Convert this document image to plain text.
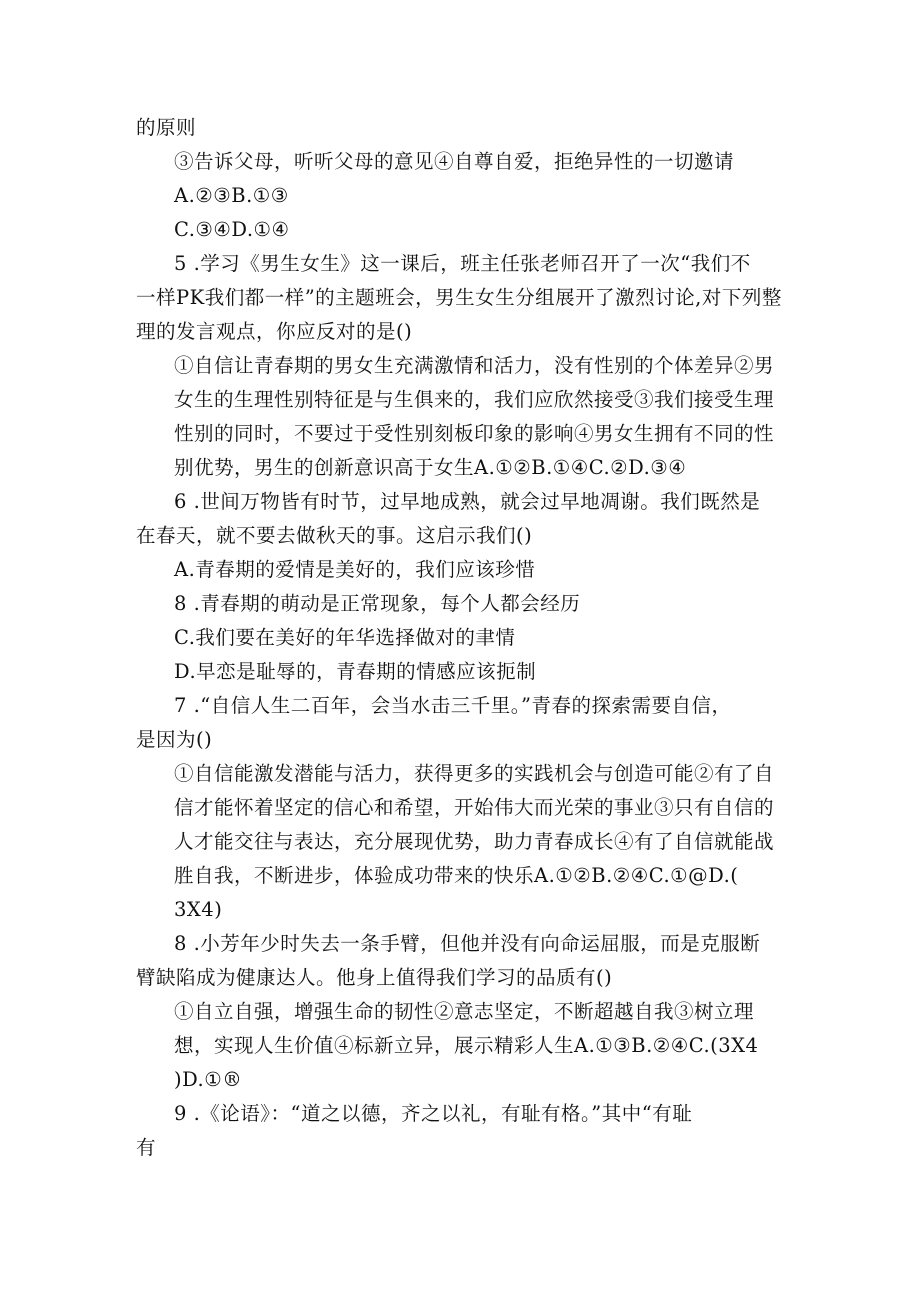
的原则
③告诉父母，听听父母的意见④自尊自爱，拒绝异性的一切邀请
A.②③B.①③
C.③④D.①④
5 .学习《男生女生》这一课后，班主任张老师召开了一次“我们不
一样PK我们都一样”的主题班会，男生女生分组展开了激烈讨论,对下列整
理的发言观点，你应反对的是()
①自信让青春期的男女生充满激情和活力，没有性别的个体差异②男
女生的生理性别特征是与生俱来的，我们应欣然接受③我们接受生理
性别的同时，不要过于受性别刻板印象的影响④男女生拥有不同的性
别优势，男生的创新意识高于女生A.①②B.①④C.②D.③④
6 .世间万物皆有时节，过早地成熟，就会过早地凋谢。我们既然是
在春天，就不要去做秋天的事。这启示我们()
A.青春期的爱情是美好的，我们应该珍惜
8 .青春期的萌动是正常现象，每个人都会经历
C.我们要在美好的年华选择做对的聿情
D.早恋是耻辱的，青春期的情感应该扼制
7 .“自信人生二百年，会当水击三千里。”青春的探索需要自信，
是因为()
①自信能激发潜能与活力，获得更多的实践机会与创造可能②有了自
信才能怀着坚定的信心和希望，开始伟大而光荣的事业③只有自信的
人才能交往与表达，充分展现优势，助力青春成长④有了自信就能战
胜自我，不断进步，体验成功带来的快乐A.①②B.②④C.①@D.(
3X4)
8 .小芳年少时失去一条手臂，但他并没有向命运屈服，而是克服断
臂缺陷成为健康达人。他身上值得我们学习的品质有()
①自立自强，增强生命的韧性②意志坚定，不断超越自我③树立理
想，实现人生价值④标新立异，展示精彩人生A.①③B.②④C.(3X4
)D.①®
9 .《论语》：“道之以德，齐之以礼，有耻有格。”其中“有耻
有
